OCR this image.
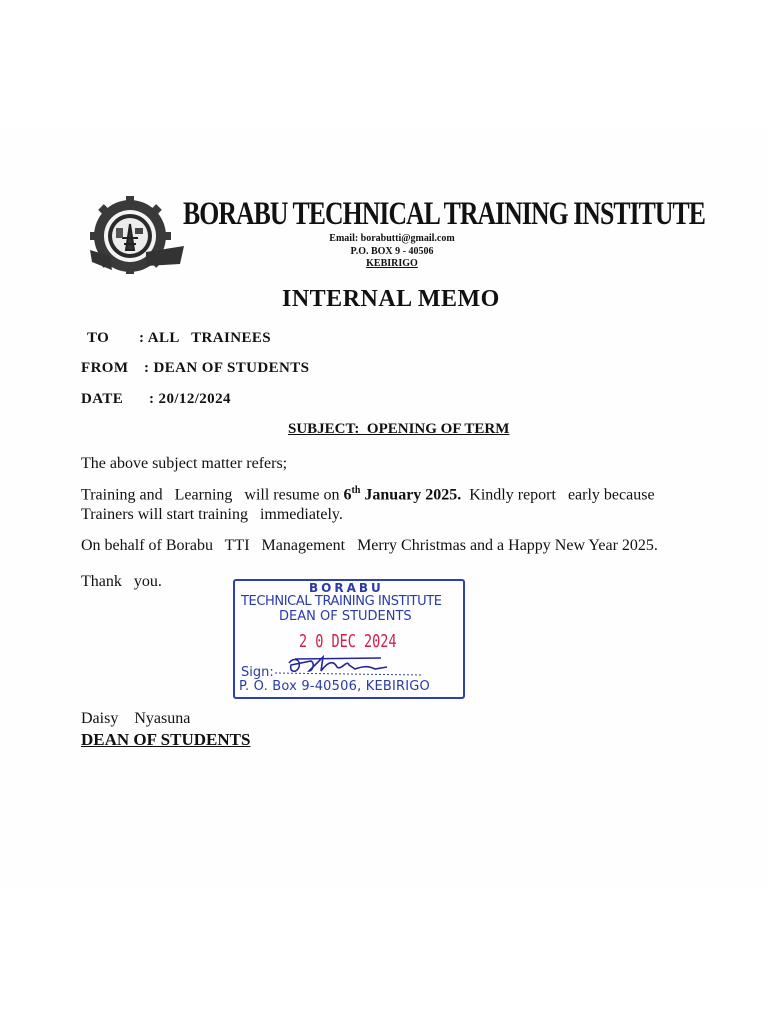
BORABU TECHNICAL TRAINING INSTITUTE
Email: borabutti@gmail.com
P.O. BOX 9 - 40506
KEBIRIGO
INTERNAL MEMO
TO : ALL   TRAINEES
FROM : DEAN OF STUDENTS
DATE : 20/12/2024
SUBJECT:  OPENING OF TERM
The above subject matter refers;
Training and   Learning   will resume on 6th January 2025.  Kindly report   early because
Trainers will start training   immediately.
On behalf of Borabu   TTI   Management   Merry Christmas and a Happy New Year 2025.
Thank   you.	BORABU
TECHNICAL TRAINING INSTITUTE
DEAN OF STUDENTS
2 0 DEC 2024
Sign:
P. O. Box 9-40506, KEBIRIGO
Daisy    Nyasuna
DEAN OF STUDENTS
